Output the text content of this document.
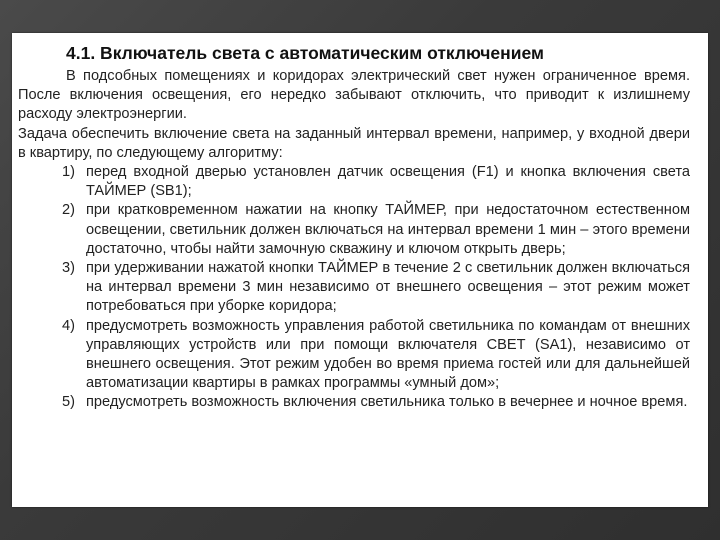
4.1. Включатель света с автоматическим отключением

В подсобных помещениях и коридорах электрический свет нужен ограниченное время. После включения освещения, его нередко забывают отключить, что приводит к излишнему расходу электроэнергии.

Задача обеспечить включение света на заданный интервал времени, например, у входной двери в квартиру, по следующему алгоритму:

1) перед входной дверью установлен датчик освещения (F1) и кнопка включения света ТАЙМЕР (SB1);
2) при кратковременном нажатии на кнопку ТАЙМЕР, при недостаточном естественном освещении, светильник должен включаться на интервал времени 1 мин – этого времени достаточно, чтобы найти замочную скважину и ключом открыть дверь;
3) при удерживании нажатой кнопки ТАЙМЕР в течение 2 с светильник должен включаться на интервал времени 3 мин независимо от внешнего освещения – этот режим может потребоваться при уборке коридора;
4) предусмотреть возможность управления работой светильника по командам от внешних управляющих устройств или при помощи включателя СВЕТ (SA1), независимо от внешнего освещения. Этот режим удобен во время приема гостей или для дальнейшей автоматизации квартиры в рамках программы «умный дом»;
5) предусмотреть возможность включения светильника только в вечернее и ночное время.
